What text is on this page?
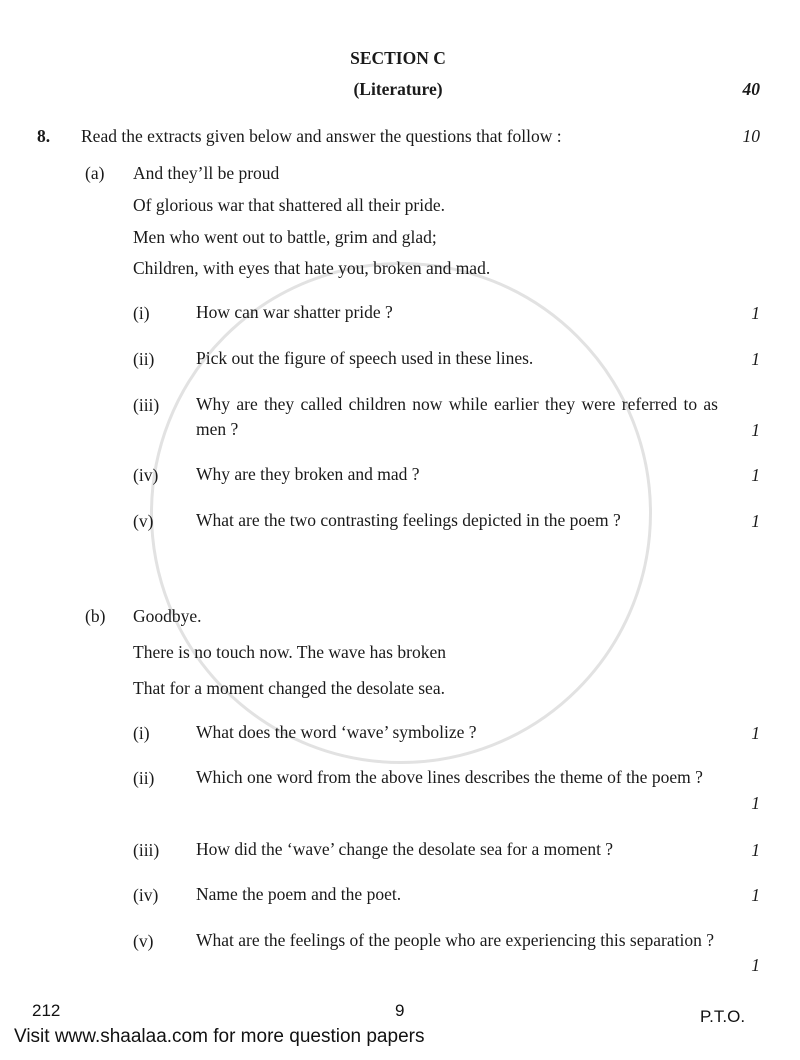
SECTION C
(Literature)	40
8. Read the extracts given below and answer the questions that follow :	10
(a) And they’ll be proud
Of glorious war that shattered all their pride.
Men who went out to battle, grim and glad;
Children, with eyes that hate you, broken and mad.
(i)	How can war shatter pride ?	1
(ii) Pick out the figure of speech used in these lines.	1
(iii) Why are they called children now while earlier they were referred to as men ?	1
(iv) Why are they broken and mad ?	1
(v) What are the two contrasting feelings depicted in the poem ?	1
(b) Goodbye.
There is no touch now. The wave has broken
That for a moment changed the desolate sea.
(i)	What does the word ‘wave’ symbolize ?	1
(ii) Which one word from the above lines describes the theme of the poem ?
1
(iii) How did the ‘wave’ change the desolate sea for a moment ?	1
(iv) Name the poem and the poet.	1
(v) What are the feelings of the people who are experiencing this separation ?
1
212	9	P.T.O.
Visit www.shaalaa.com for more question papers
